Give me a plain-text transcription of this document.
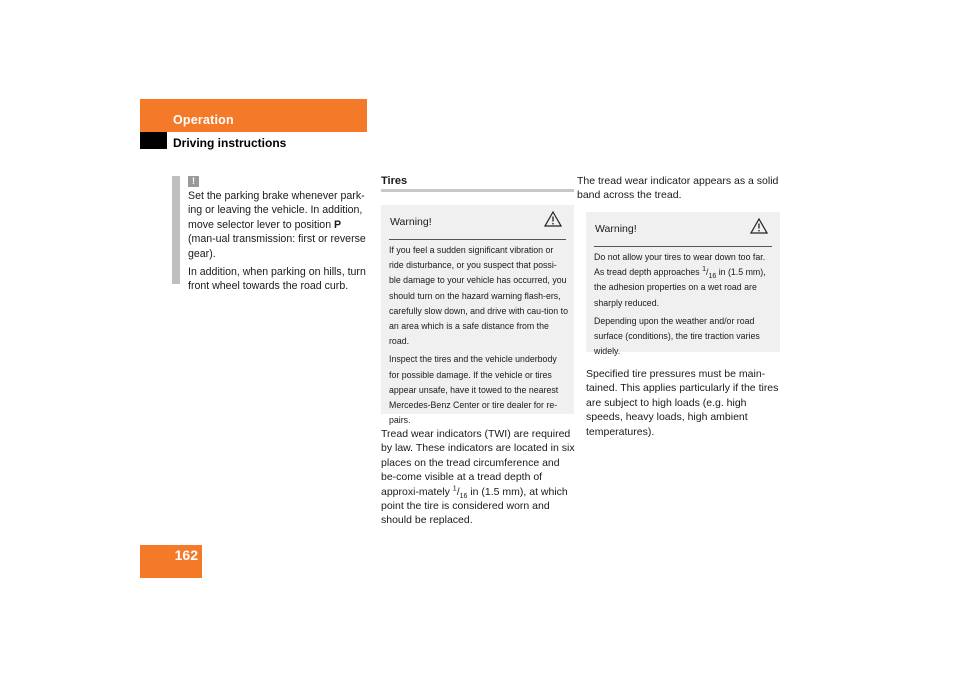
Operation
Driving instructions
162
!

Set the parking brake whenever park-ing or leaving the vehicle. In addition, move selector lever to position P (man-ual transmission: first or reverse gear).

In addition, when parking on hills, turn front wheel towards the road curb.

Tires
Warning!

If you feel a sudden significant vibration or ride disturbance, or you suspect that possi-ble damage to your vehicle has occurred, you should turn on the hazard warning flash-ers, carefully slow down, and drive with cau-tion to an area which is a safe distance from the road.

Inspect the tires and the vehicle underbody for possible damage. If the vehicle or tires appear unsafe, have it towed to the nearest Mercedes-Benz Center or tire dealer for re-pairs.

Tread wear indicators (TWI) are required by law. These indicators are located in six places on the tread circumference and be-come visible at a tread depth of approxi-mately $^1/_{16}$ in (1.5 mm), at which point the tire is considered worn and should be replaced.

The tread wear indicator appears as a solid band across the tread.

Warning!

Do not allow your tires to wear down too far. As tread depth approaches $^1/_{16}$ in (1.5 mm), the adhesion properties on a wet road are sharply reduced.

Depending upon the weather and/or road surface (conditions), the tire traction varies widely.

Specified tire pressures must be main-tained. This applies particularly if the tires are subject to high loads (e.g. high speeds, heavy loads, high ambient temperatures).
